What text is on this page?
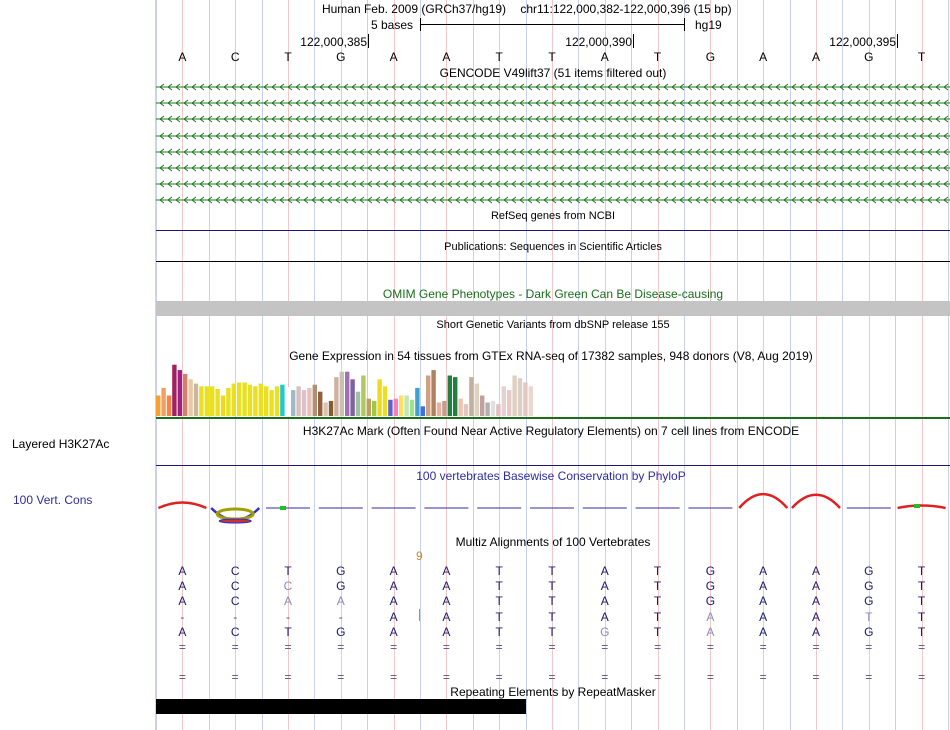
Layered H3K27Ac
100 Vert. Cons
Human Feb. 2009 (GRCh37/hg19) chr11:122,000,382-122,000,396 (15 bp)
5 bases	hg19
122,000,385	122,000,390	122,000,395
A	C	T	G	A	A	T	T	A	T	G	A	A	G	T
GENCODE V49lift37 (51 items filtered out)
RefSeq genes from NCBI
Publications: Sequences in Scientific Articles
OMIM Gene Phenotypes - Dark Green Can Be Disease-causing
Short Genetic Variants from dbSNP release 155
Gene Expression in 54 tissues from GTEx RNA-seq of 17382 samples, 948 donors (V8, Aug 2019)
H3K27Ac Mark (Often Found Near Active Regulatory Elements) on 7 cell lines from ENCODE
100 vertebrates Basewise Conservation by PhyloP
Multiz Alignments of 100 Vertebrates
9
A	C	T	G	A	A	T	T	A	T	G	A	A	G	T
A	C	C	G	A	A	T	T	A	T	G	A	A	G	T
A	C	A	A	A	A	T	T	A	T	G	A	A	G	T
-	-	-	-	A	A	T	T	A	T	A	A	A	T	T
A	C	T	G	A	A	T	T	G	T	A	A	A	G	T
=	=	=	=	=	=	=	=	=	=	=	=	=	=	=
=	=	=	=	=	=	=	=	=	=	=	=	=	=	=
Repeating Elements by RepeatMasker
